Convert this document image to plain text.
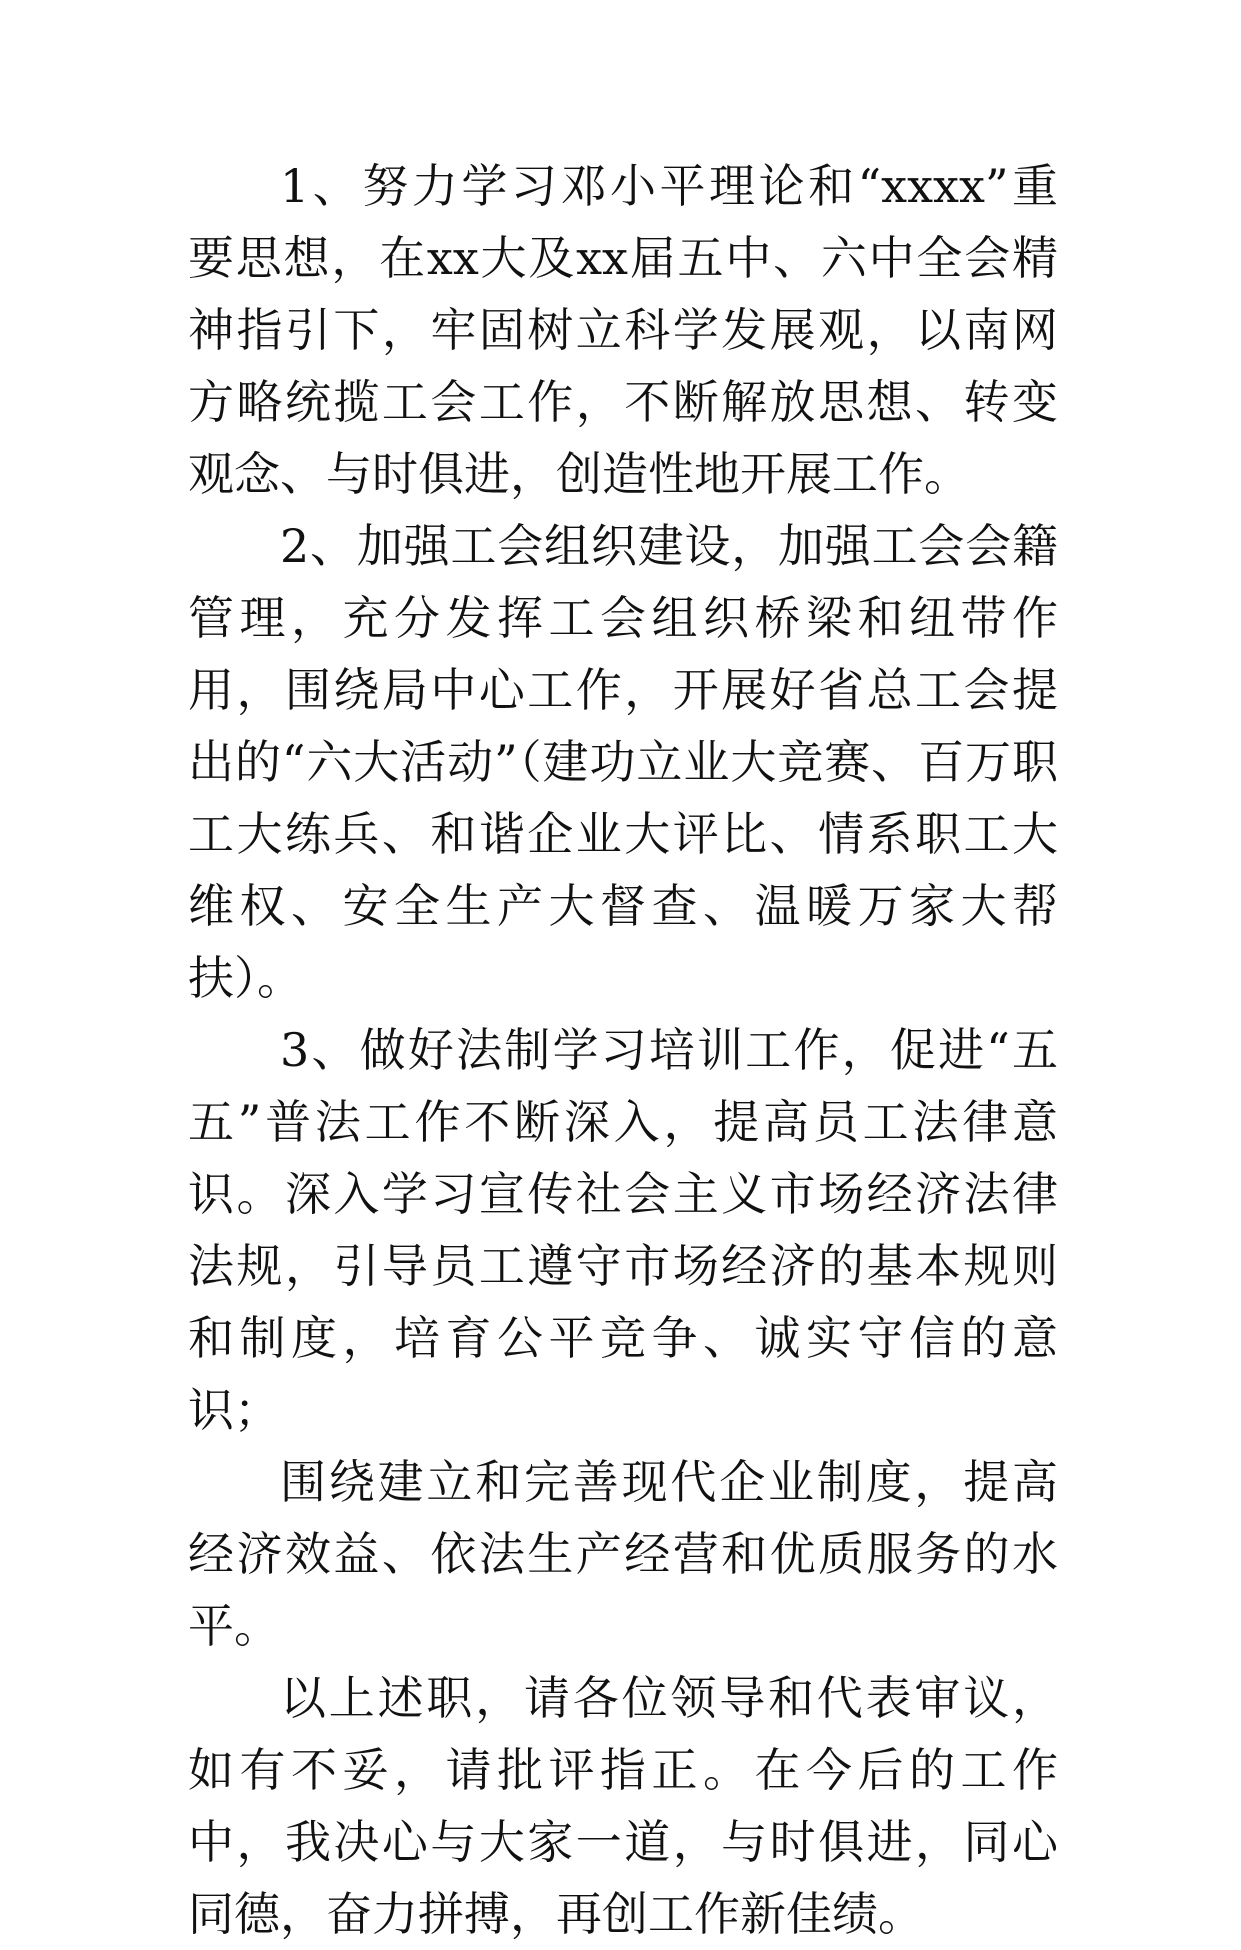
1、努力学习邓小平理论和“xxxx”重要思想，在xx大及xx届五中、六中全会精神指引下，牢固树立科学发展观，以南网方略统揽工会工作，不断解放思想、转变观念、与时俱进，创造性地开展工作。

2、加强工会组织建设，加强工会会籍管理，充分发挥工会组织桥梁和纽带作用，围绕局中心工作，开展好省总工会提出的“六大活动”（建功立业大竞赛、百万职工大练兵、和谐企业大评比、情系职工大维权、安全生产大督查、温暖万家大帮扶）。

3、做好法制学习培训工作，促进“五五”普法工作不断深入，提高员工法律意识。深入学习宣传社会主义市场经济法律法规，引导员工遵守市场经济的基本规则和制度，培育公平竞争、诚实守信的意识；

围绕建立和完善现代企业制度，提高经济效益、依法生产经营和优质服务的水平。

以上述职，请各位领导和代表审议，如有不妥，请批评指正。在今后的工作中，我决心与大家一道，与时俱进，同心同德，奋力拼搏，再创工作新佳绩。
